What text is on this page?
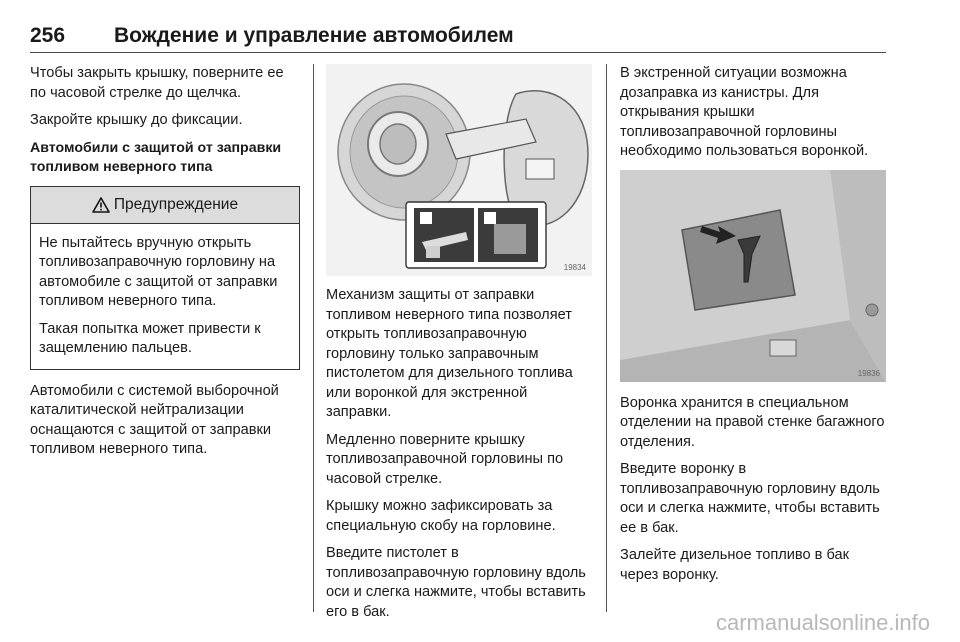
256 Вождение и управление автомобилем

Чтобы закрыть крышку, поверните ее по часовой стрелке до щелчка.

Закройте крышку до фиксации.

Автомобили с защитой от заправки топливом неверного типа

Предупреждение

Не пытайтесь вручную открыть топливозаправочную горловину на автомобиле с защитой от заправки топливом неверного типа.

Такая попытка может привести к защемлению пальцев.

Автомобили с системой выборочной каталитической нейтрализации оснащаются с защитой от заправки топливом неверного типа.

19834

Механизм защиты от заправки топливом неверного типа позволяет открыть топливозаправочную горловину только заправочным пистолетом для дизельного топлива или воронкой для экстренной заправки.

Медленно поверните крышку топливозаправочной горловины по часовой стрелке.

Крышку можно зафиксировать за специальную скобу на горловине.

Введите пистолет в топливозаправочную горловину вдоль оси и слегка нажмите, чтобы вставить его в бак.

В экстренной ситуации возможна дозаправка из канистры. Для открывания крышки топливозаправочной горловины необходимо пользоваться воронкой.

19836

Воронка хранится в специальном отделении на правой стенке багажного отделения.

Введите воронку в топливозаправочную горловину вдоль оси и слегка нажмите, чтобы вставить ее в бак.

Залейте дизельное топливо в бак через воронку.

carmanualsonline.info
